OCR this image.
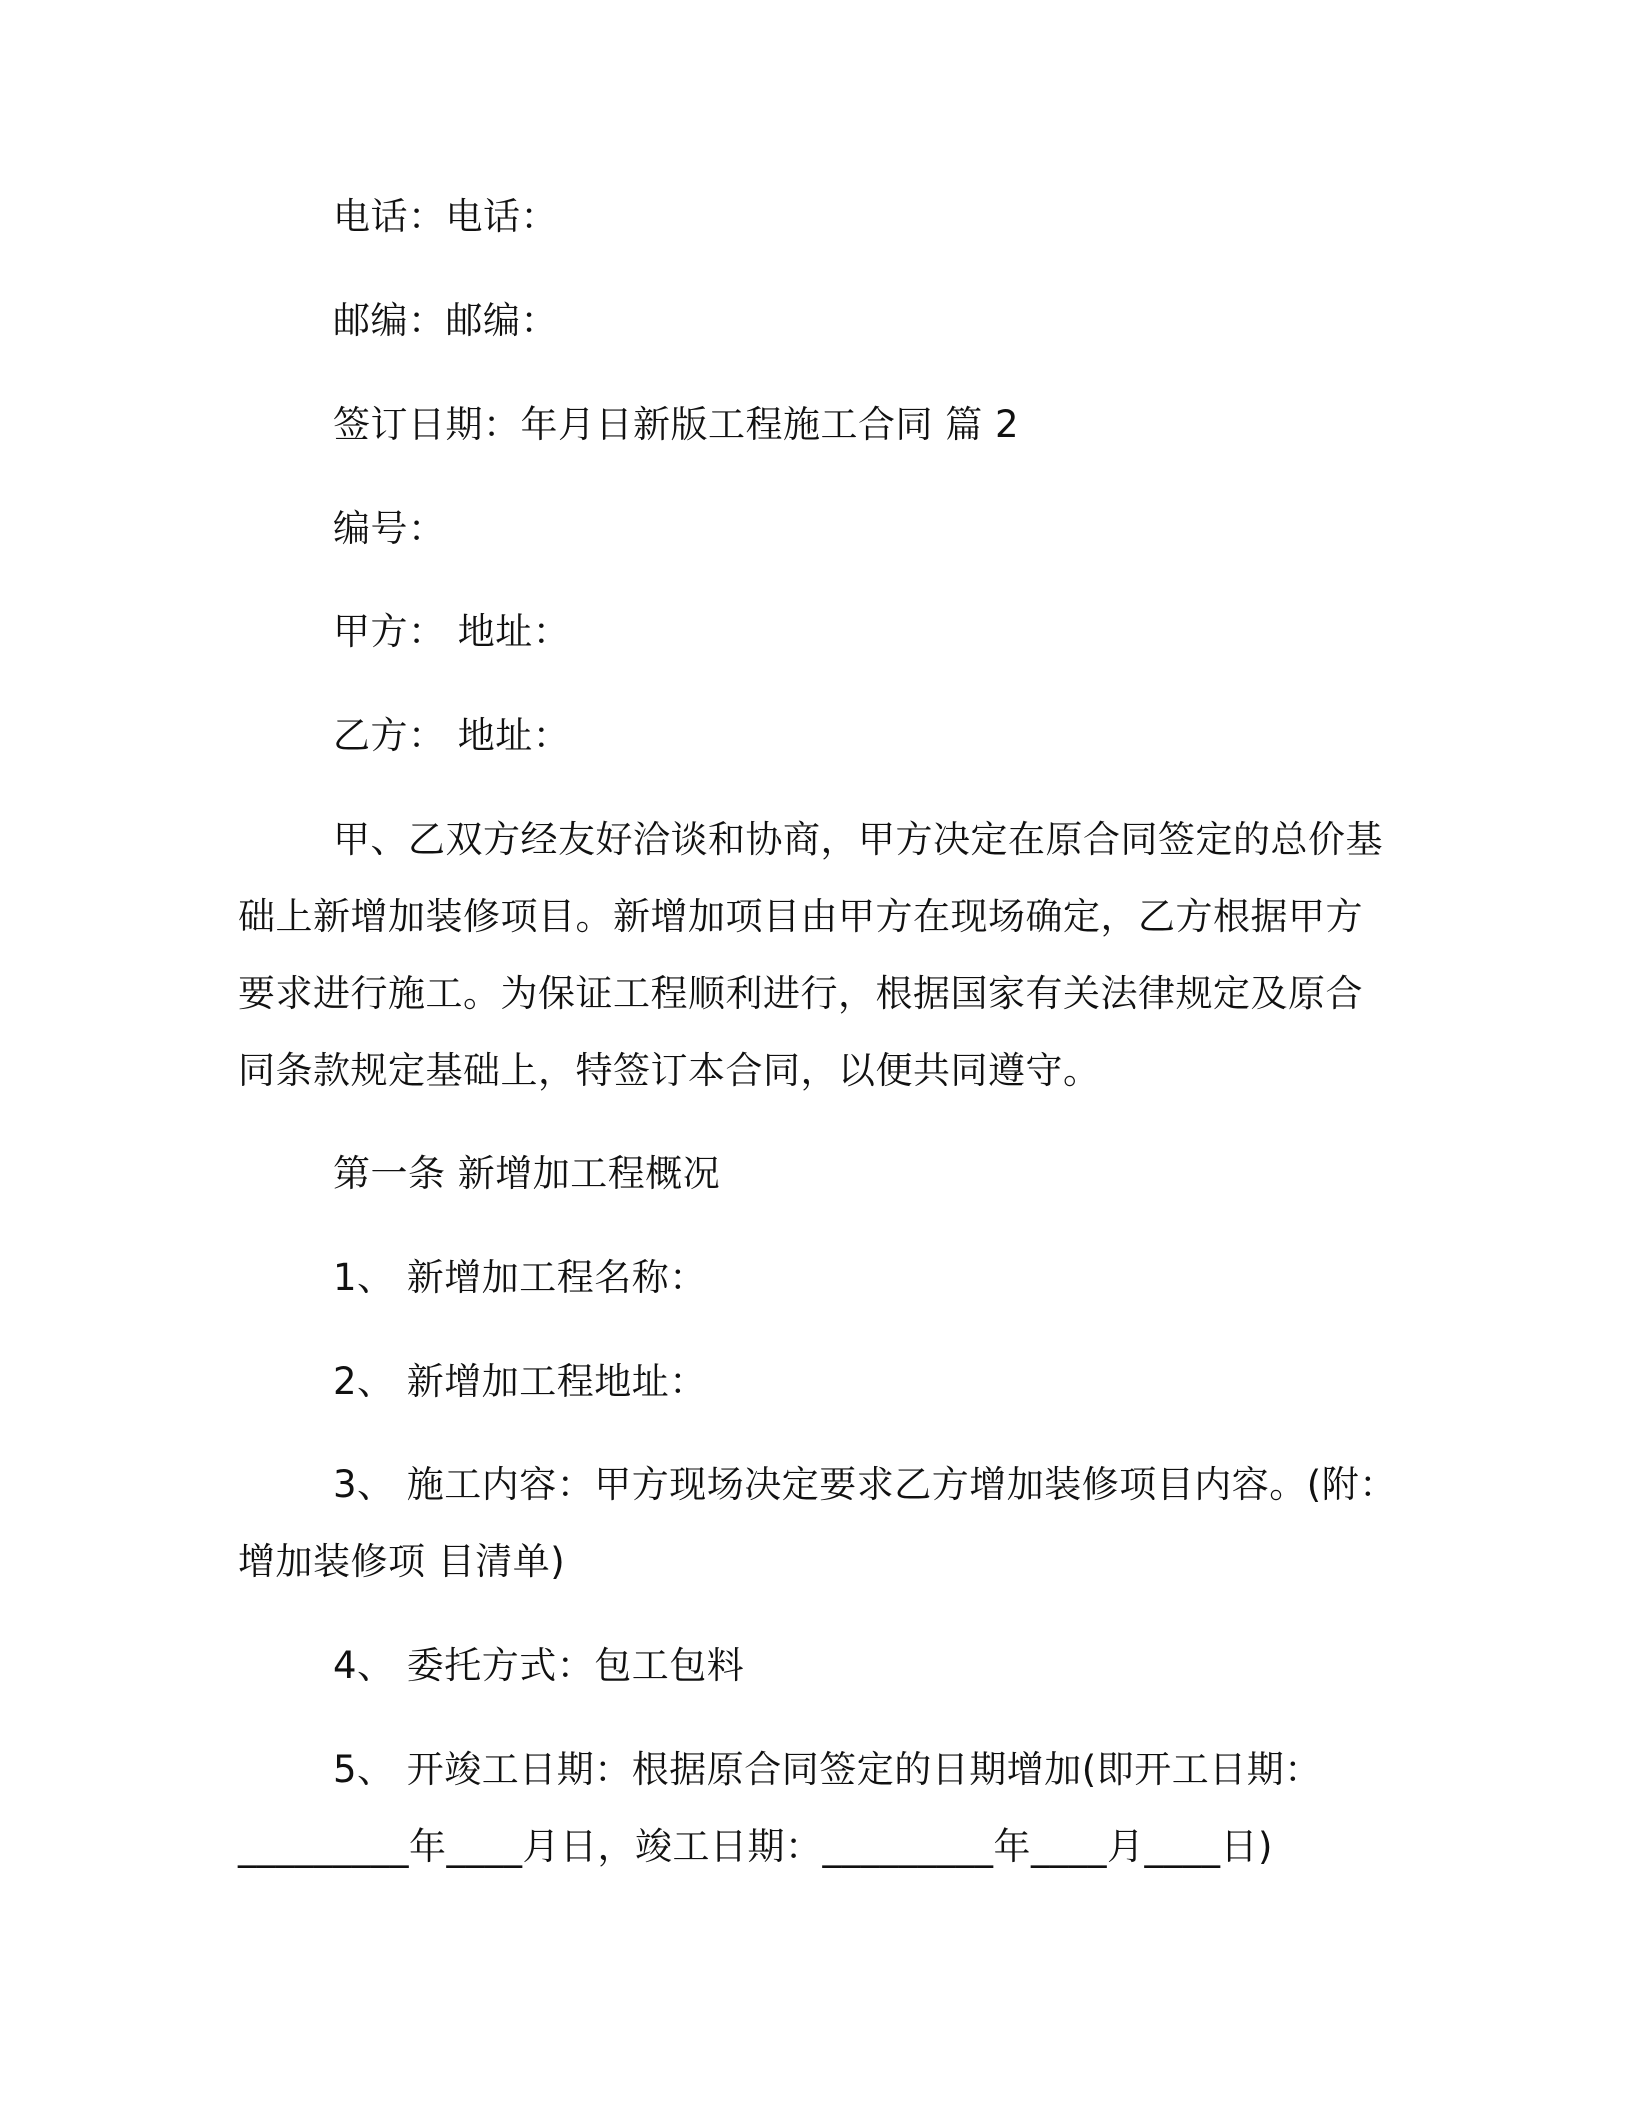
电话：电话：
邮编：邮编：
签订日期：年月日新版工程施工合同 篇 2
编号：
甲方： 地址：
乙方： 地址：
甲、乙双方经友好洽谈和协商，甲方决定在原合同签定的总价基
础上新增加装修项目。新增加项目由甲方在现场确定，乙方根据甲方
要求进行施工。为保证工程顺利进行，根据国家有关法律规定及原合
同条款规定基础上，特签订本合同，以便共同遵守。
第一条 新增加工程概况
1、 新增加工程名称：
2、 新增加工程地址：
3、 施工内容：甲方现场决定要求乙方增加装修项目内容。(附：
增加装修项 目清单)
4、 委托方式：包工包料
5、 开竣工日期：根据原合同签定的日期增加(即开工日期：
_________年____月日，竣工日期：_________年____月____日)
